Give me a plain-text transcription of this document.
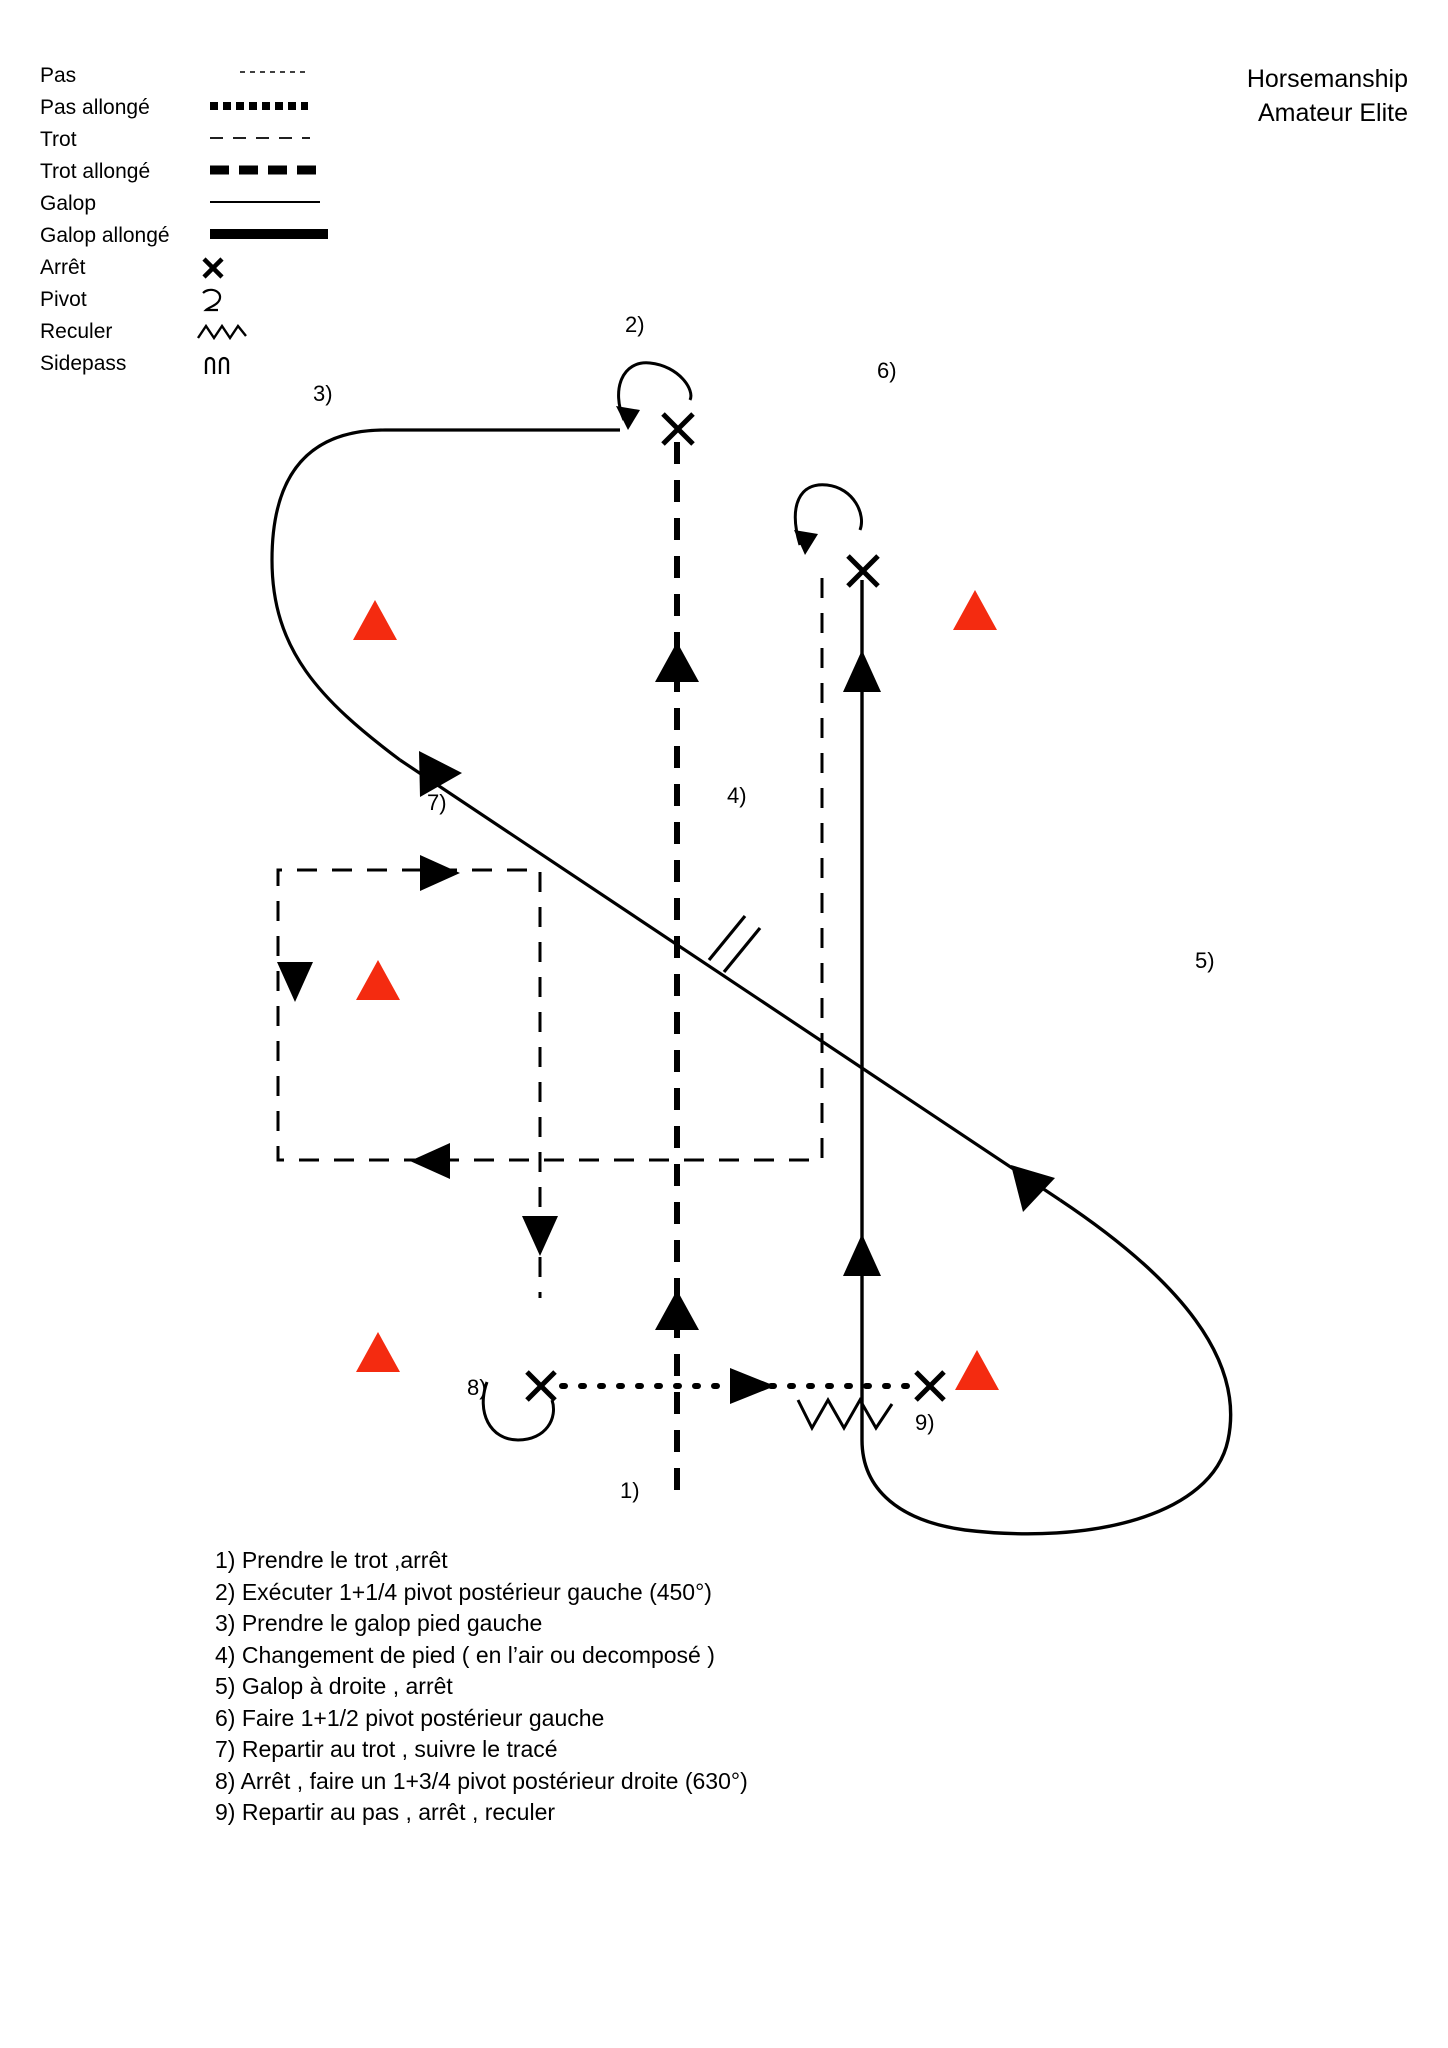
Pas
Pas allongé
Trot
Trot allongé
Galop
Galop allongé
Arrêt
Pivot
Reculer
Sidepass
Horsemanship
Amateur Elite
2)
6)
3)
4)
7)
5)
8)
9)
1)
1) Prendre le trot ,arrêt
2) Exécuter 1+1/4 pivot postérieur gauche (450°)
3) Prendre le galop pied gauche
4) Changement de pied ( en l’air ou decomposé )
5) Galop à droite , arrêt
6) Faire 1+1/2 pivot postérieur gauche
7) Repartir au trot , suivre le tracé
8) Arrêt , faire un 1+3/4 pivot postérieur droite (630°)
9) Repartir au pas , arrêt , reculer
